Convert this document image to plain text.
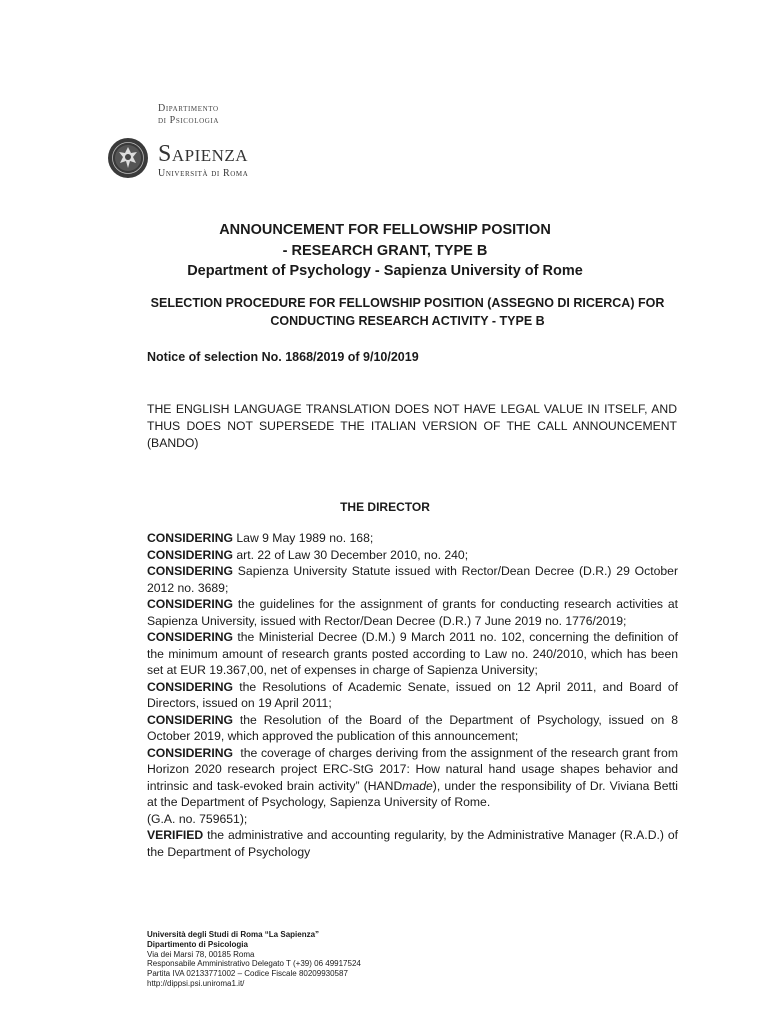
Dipartimento
di Psicologia
Sapienza
Università di Roma
ANNOUNCEMENT FOR FELLOWSHIP POSITION
- RESEARCH GRANT, TYPE B
Department of Psychology - Sapienza University of Rome
SELECTION PROCEDURE FOR FELLOWSHIP POSITION (ASSEGNO DI RICERCA) FOR CONDUCTING RESEARCH ACTIVITY - TYPE B
Notice of selection No. 1868/2019 of 9/10/2019
THE ENGLISH LANGUAGE TRANSLATION DOES NOT HAVE LEGAL VALUE IN ITSELF, AND THUS DOES NOT SUPERSEDE THE ITALIAN VERSION OF THE CALL ANNOUNCEMENT (BANDO)
THE DIRECTOR
CONSIDERING Law 9 May 1989 no. 168;
CONSIDERING art. 22 of Law 30 December 2010, no. 240;
CONSIDERING Sapienza University Statute issued with Rector/Dean Decree (D.R.) 29 October 2012 no. 3689;
CONSIDERING the guidelines for the assignment of grants for conducting research activities at Sapienza University, issued with Rector/Dean Decree (D.R.) 7 June 2019 no. 1776/2019;
CONSIDERING the Ministerial Decree (D.M.) 9 March 2011 no. 102, concerning the definition of the minimum amount of research grants posted according to Law no. 240/2010, which has been set at EUR 19.367,00, net of expenses in charge of Sapienza University;
CONSIDERING the Resolutions of Academic Senate, issued on 12 April 2011, and Board of Directors, issued on 19 April 2011;
CONSIDERING the Resolution of the Board of the Department of Psychology, issued on 8 October 2019, which approved the publication of this announcement;
CONSIDERING  the coverage of charges deriving from the assignment of the research grant from Horizon 2020 research project ERC-StG 2017: How natural hand usage shapes behavior and intrinsic and task-evoked brain activity” (HANDmade), under the responsibility of Dr. Viviana Betti at the Department of Psychology, Sapienza University of Rome.
(G.A. no. 759651);
VERIFIED the administrative and accounting regularity, by the Administrative Manager (R.A.D.) of the Department of Psychology
Università degli Studi di Roma “La Sapienza”
Dipartimento di Psicologia
Via dei Marsi 78, 00185 Roma
Responsabile Amministrativo Delegato T (+39) 06 49917524
Partita IVA 02133771002 – Codice Fiscale 80209930587
http://dippsi.psi.uniroma1.it/
